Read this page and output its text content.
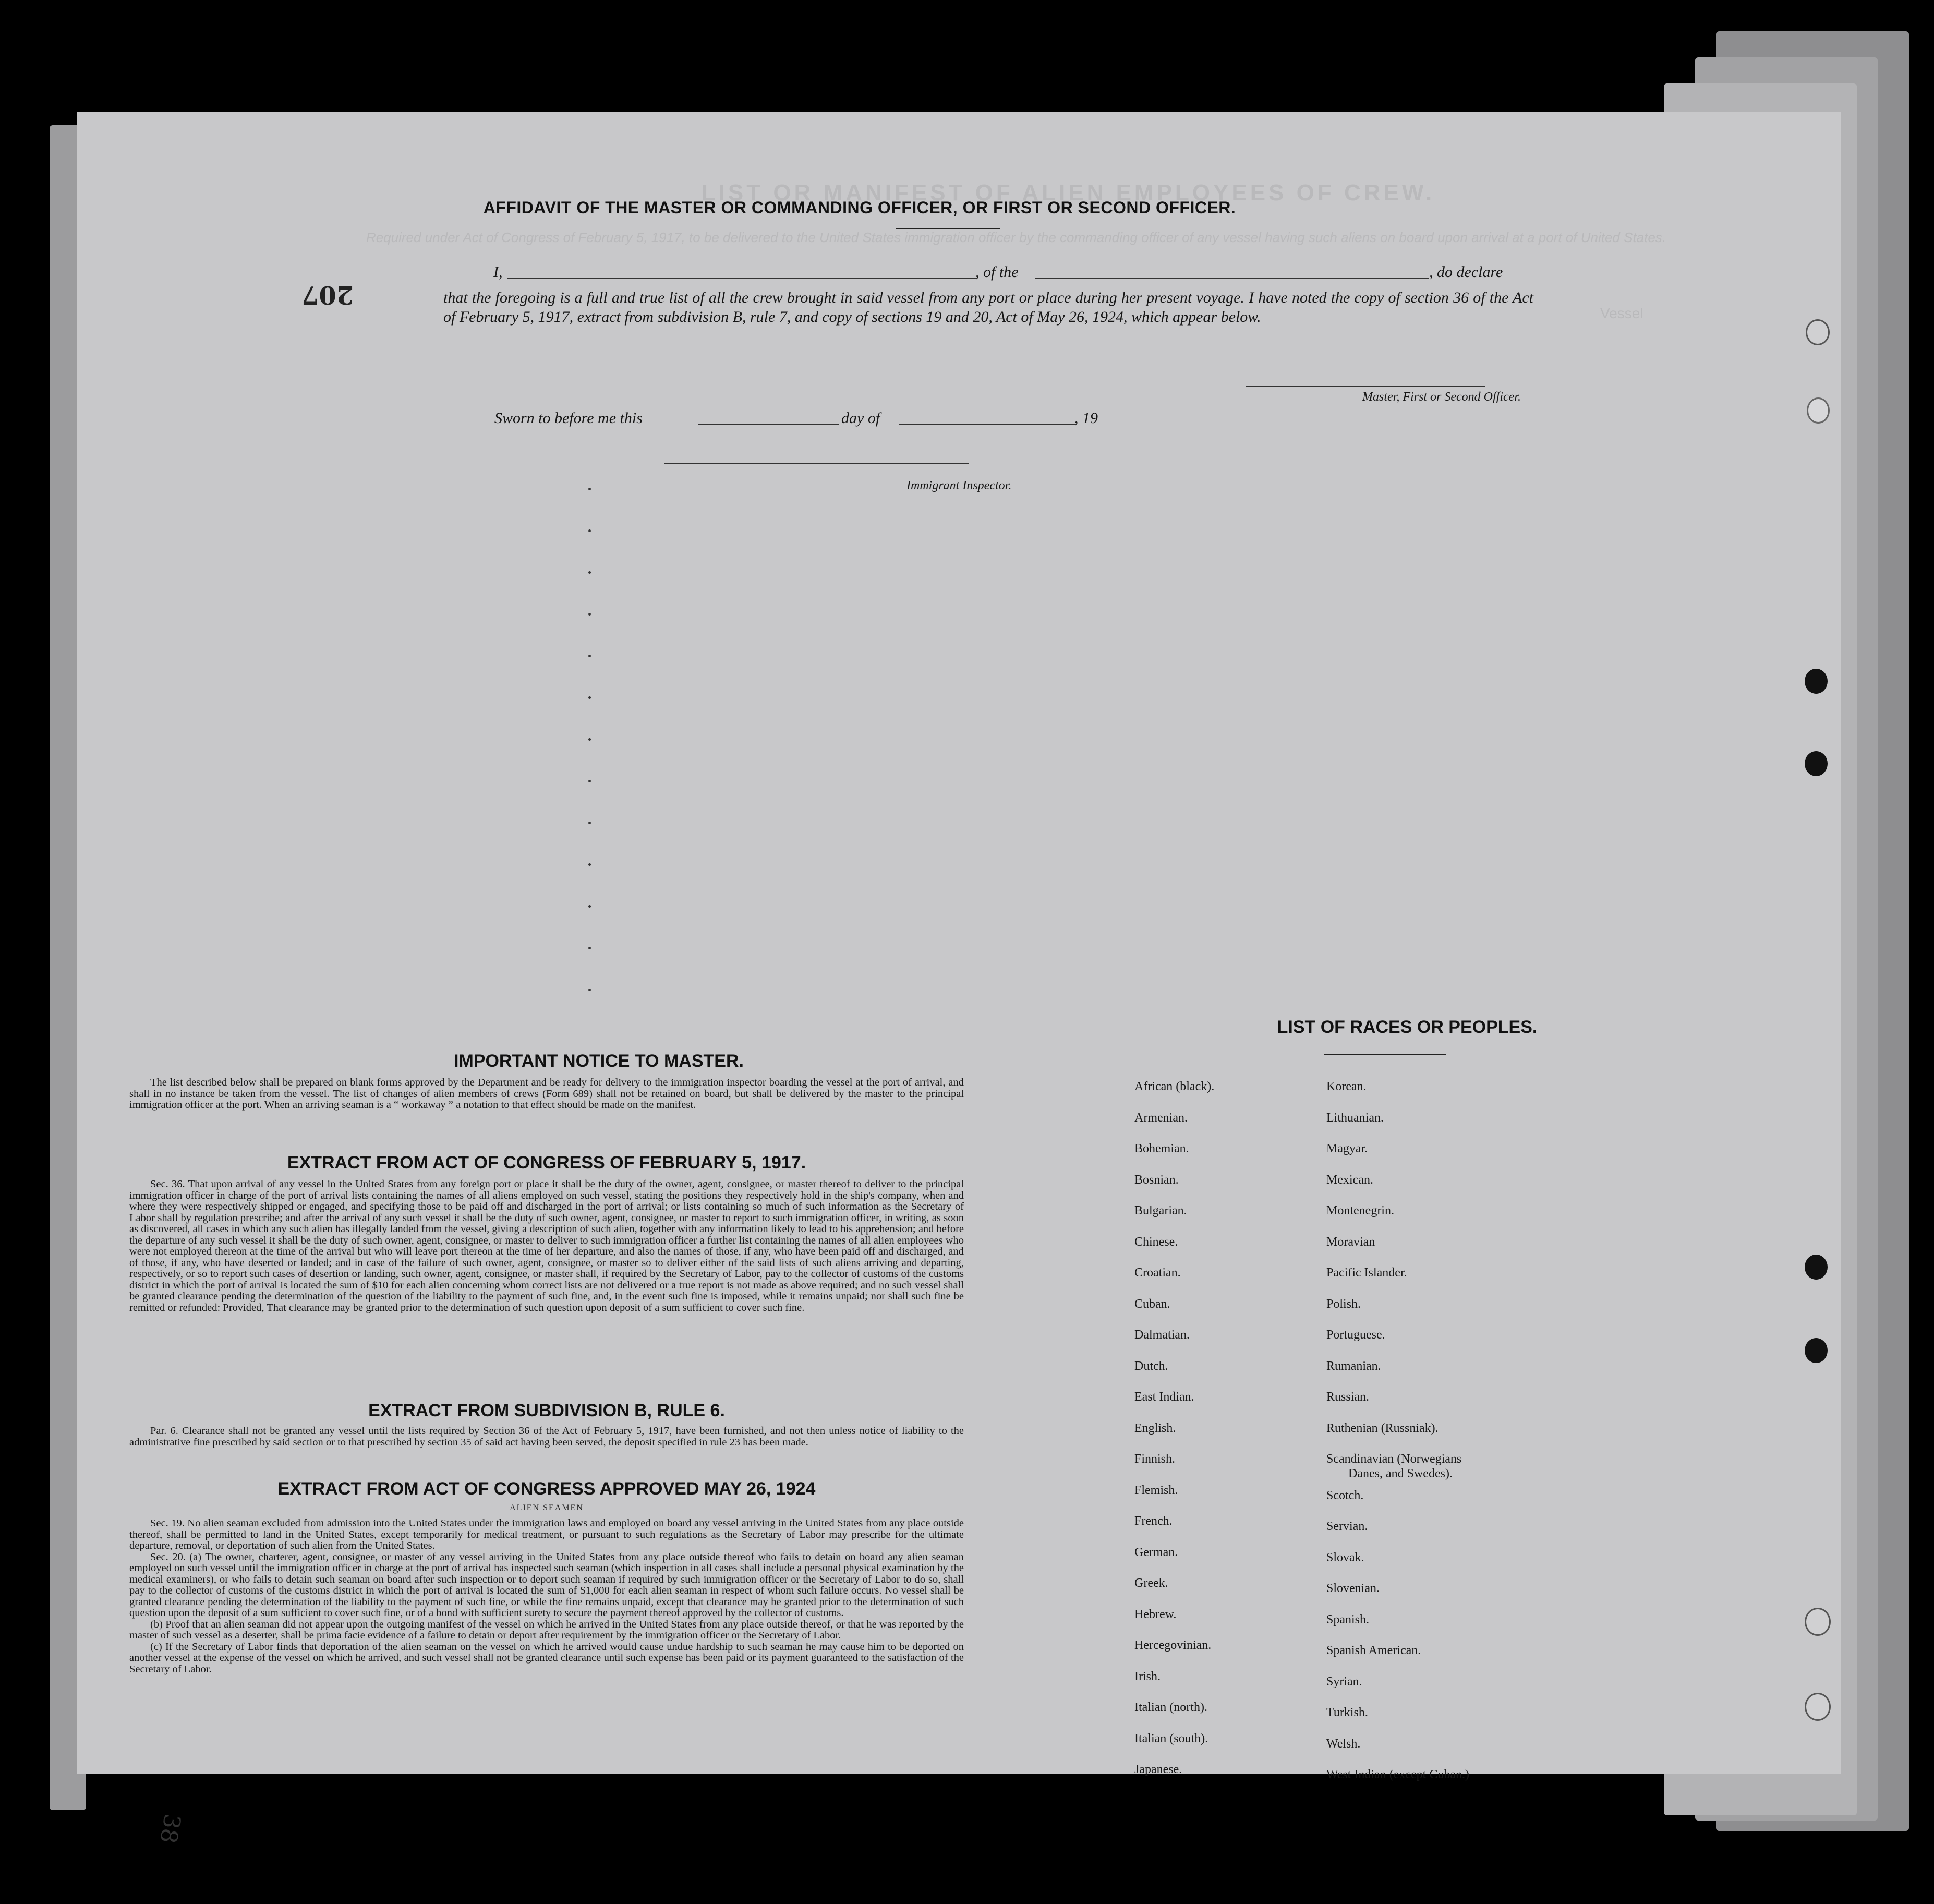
LIST OR MANIFEST OF ALIEN EMPLOYEES OF CREW.
Required under Act of Congress of February 5, 1917, to be delivered to the United States immigration officer by the commanding officer of any vessel having such aliens on board upon arrival at a port of United States.
Vessel
AFFIDAVIT OF THE MASTER OR COMMANDING OFFICER, OR FIRST OR SECOND OFFICER.
I,	, of the	, do declare
that the foregoing is a full and true list of all the crew brought in said vessel from any port or place during her present voyage. I have noted the copy of section 36 of the Act of February 5, 1917, extract from subdivision B, rule 7, and copy of sections 19 and 20, Act of May 26, 1924, which appear below.
Master, First or Second Officer.
Sworn to before me this	day of	, 19
Immigrant Inspector.
207
38
IMPORTANT NOTICE TO MASTER.

The list described below shall be prepared on blank forms approved by the Department and be ready for delivery to the immigration inspector boarding the vessel at the port of arrival, and shall in no instance be taken from the vessel. The list of changes of alien members of crews (Form 689) shall not be retained on board, but shall be delivered by the master to the principal immigration officer at the port. When an arriving seaman is a “ workaway ” a notation to that effect should be made on the manifest.

EXTRACT FROM ACT OF CONGRESS OF FEBRUARY 5, 1917.

Sec. 36. That upon arrival of any vessel in the United States from any foreign port or place it shall be the duty of the owner, agent, consignee, or master thereof to deliver to the principal immigration officer in charge of the port of arrival lists containing the names of all aliens employed on such vessel, stating the positions they respectively hold in the ship's company, when and where they were respectively shipped or engaged, and specifying those to be paid off and discharged in the port of arrival; or lists containing so much of such information as the Secretary of Labor shall by regulation prescribe; and after the arrival of any such vessel it shall be the duty of such owner, agent, consignee, or master to report to such immigration officer, in writing, as soon as discovered, all cases in which any such alien has illegally landed from the vessel, giving a description of such alien, together with any information likely to lead to his apprehension; and before the departure of any such vessel it shall be the duty of such owner, agent, consignee, or master to deliver to such immigration officer a further list containing the names of all alien employees who were not employed thereon at the time of the arrival but who will leave port thereon at the time of her departure, and also the names of those, if any, who have been paid off and discharged, and of those, if any, who have deserted or landed; and in case of the failure of such owner, agent, consignee, or master so to deliver either of the said lists of such aliens arriving and departing, respectively, or so to report such cases of desertion or landing, such owner, agent, consignee, or master shall, if required by the Secretary of Labor, pay to the collector of customs of the customs district in which the port of arrival is located the sum of $10 for each alien concerning whom correct lists are not delivered or a true report is not made as above required; and no such vessel shall be granted clearance pending the determination of the question of the liability to the payment of such fine, and, in the event such fine is imposed, while it remains unpaid; nor shall such fine be remitted or refunded: Provided, That clearance may be granted prior to the determination of such question upon deposit of a sum sufficient to cover such fine.

EXTRACT FROM SUBDIVISION B, RULE 6.

Par. 6. Clearance shall not be granted any vessel until the lists required by Section 36 of the Act of February 5, 1917, have been furnished, and not then unless notice of liability to the administrative fine prescribed by said section or to that prescribed by section 35 of said act having been served, the deposit specified in rule 23 has been made.

EXTRACT FROM ACT OF CONGRESS APPROVED MAY 26, 1924
ALIEN SEAMEN

Sec. 19. No alien seaman excluded from admission into the United States under the immigration laws and employed on board any vessel arriving in the United States from any place outside thereof, shall be permitted to land in the United States, except temporarily for medical treatment, or pursuant to such regulations as the Secretary of Labor may prescribe for the ultimate departure, removal, or deportation of such alien from the United States.

Sec. 20. (a) The owner, charterer, agent, consignee, or master of any vessel arriving in the United States from any place outside thereof who fails to detain on board any alien seaman employed on such vessel until the immigration officer in charge at the port of arrival has inspected such seaman (which inspection in all cases shall include a personal physical examination by the medical examiners), or who fails to detain such seaman on board after such inspection or to deport such seaman if required by such immigration officer or the Secretary of Labor to do so, shall pay to the collector of customs of the customs district in which the port of arrival is located the sum of $1,000 for each alien seaman in respect of whom such failure occurs. No vessel shall be granted clearance pending the determination of the liability to the payment of such fine, or while the fine remains unpaid, except that clearance may be granted prior to the determination of such question upon the deposit of a sum sufficient to cover such fine, or of a bond with sufficient surety to secure the payment thereof approved by the collector of customs.

(b) Proof that an alien seaman did not appear upon the outgoing manifest of the vessel on which he arrived in the United States from any place outside thereof, or that he was reported by the master of such vessel as a deserter, shall be prima facie evidence of a failure to detain or deport after requirement by the immigration officer or the Secretary of Labor.

(c) If the Secretary of Labor finds that deportation of the alien seaman on the vessel on which he arrived would cause undue hardship to such seaman he may cause him to be deported on another vessel at the expense of the vessel on which he arrived, and such vessel shall not be granted clearance until such expense has been paid or its payment guaranteed to the satisfaction of the Secretary of Labor.

LIST OF RACES OR PEOPLES.
African (black).
Armenian.
Bohemian.
Bosnian.
Bulgarian.
Chinese.
Croatian.
Cuban.
Dalmatian.
Dutch.
East Indian.
English.
Finnish.
Flemish.
French.
German.
Greek.
Hebrew.
Hercegovinian.
Irish.
Italian (north).
Italian (south).
Japanese.
Korean.
Lithuanian.
Magyar.
Mexican.
Montenegrin.
Moravian
Pacific Islander.
Polish.
Portuguese.
Rumanian.
Russian.
Ruthenian (Russniak).
Scandinavian (Norwegians
Danes, and Swedes).
Scotch.
Servian.
Slovak.
Slovenian.
Spanish.
Spanish American.
Syrian.
Turkish.
Welsh.
West Indian (except Cuban.)
